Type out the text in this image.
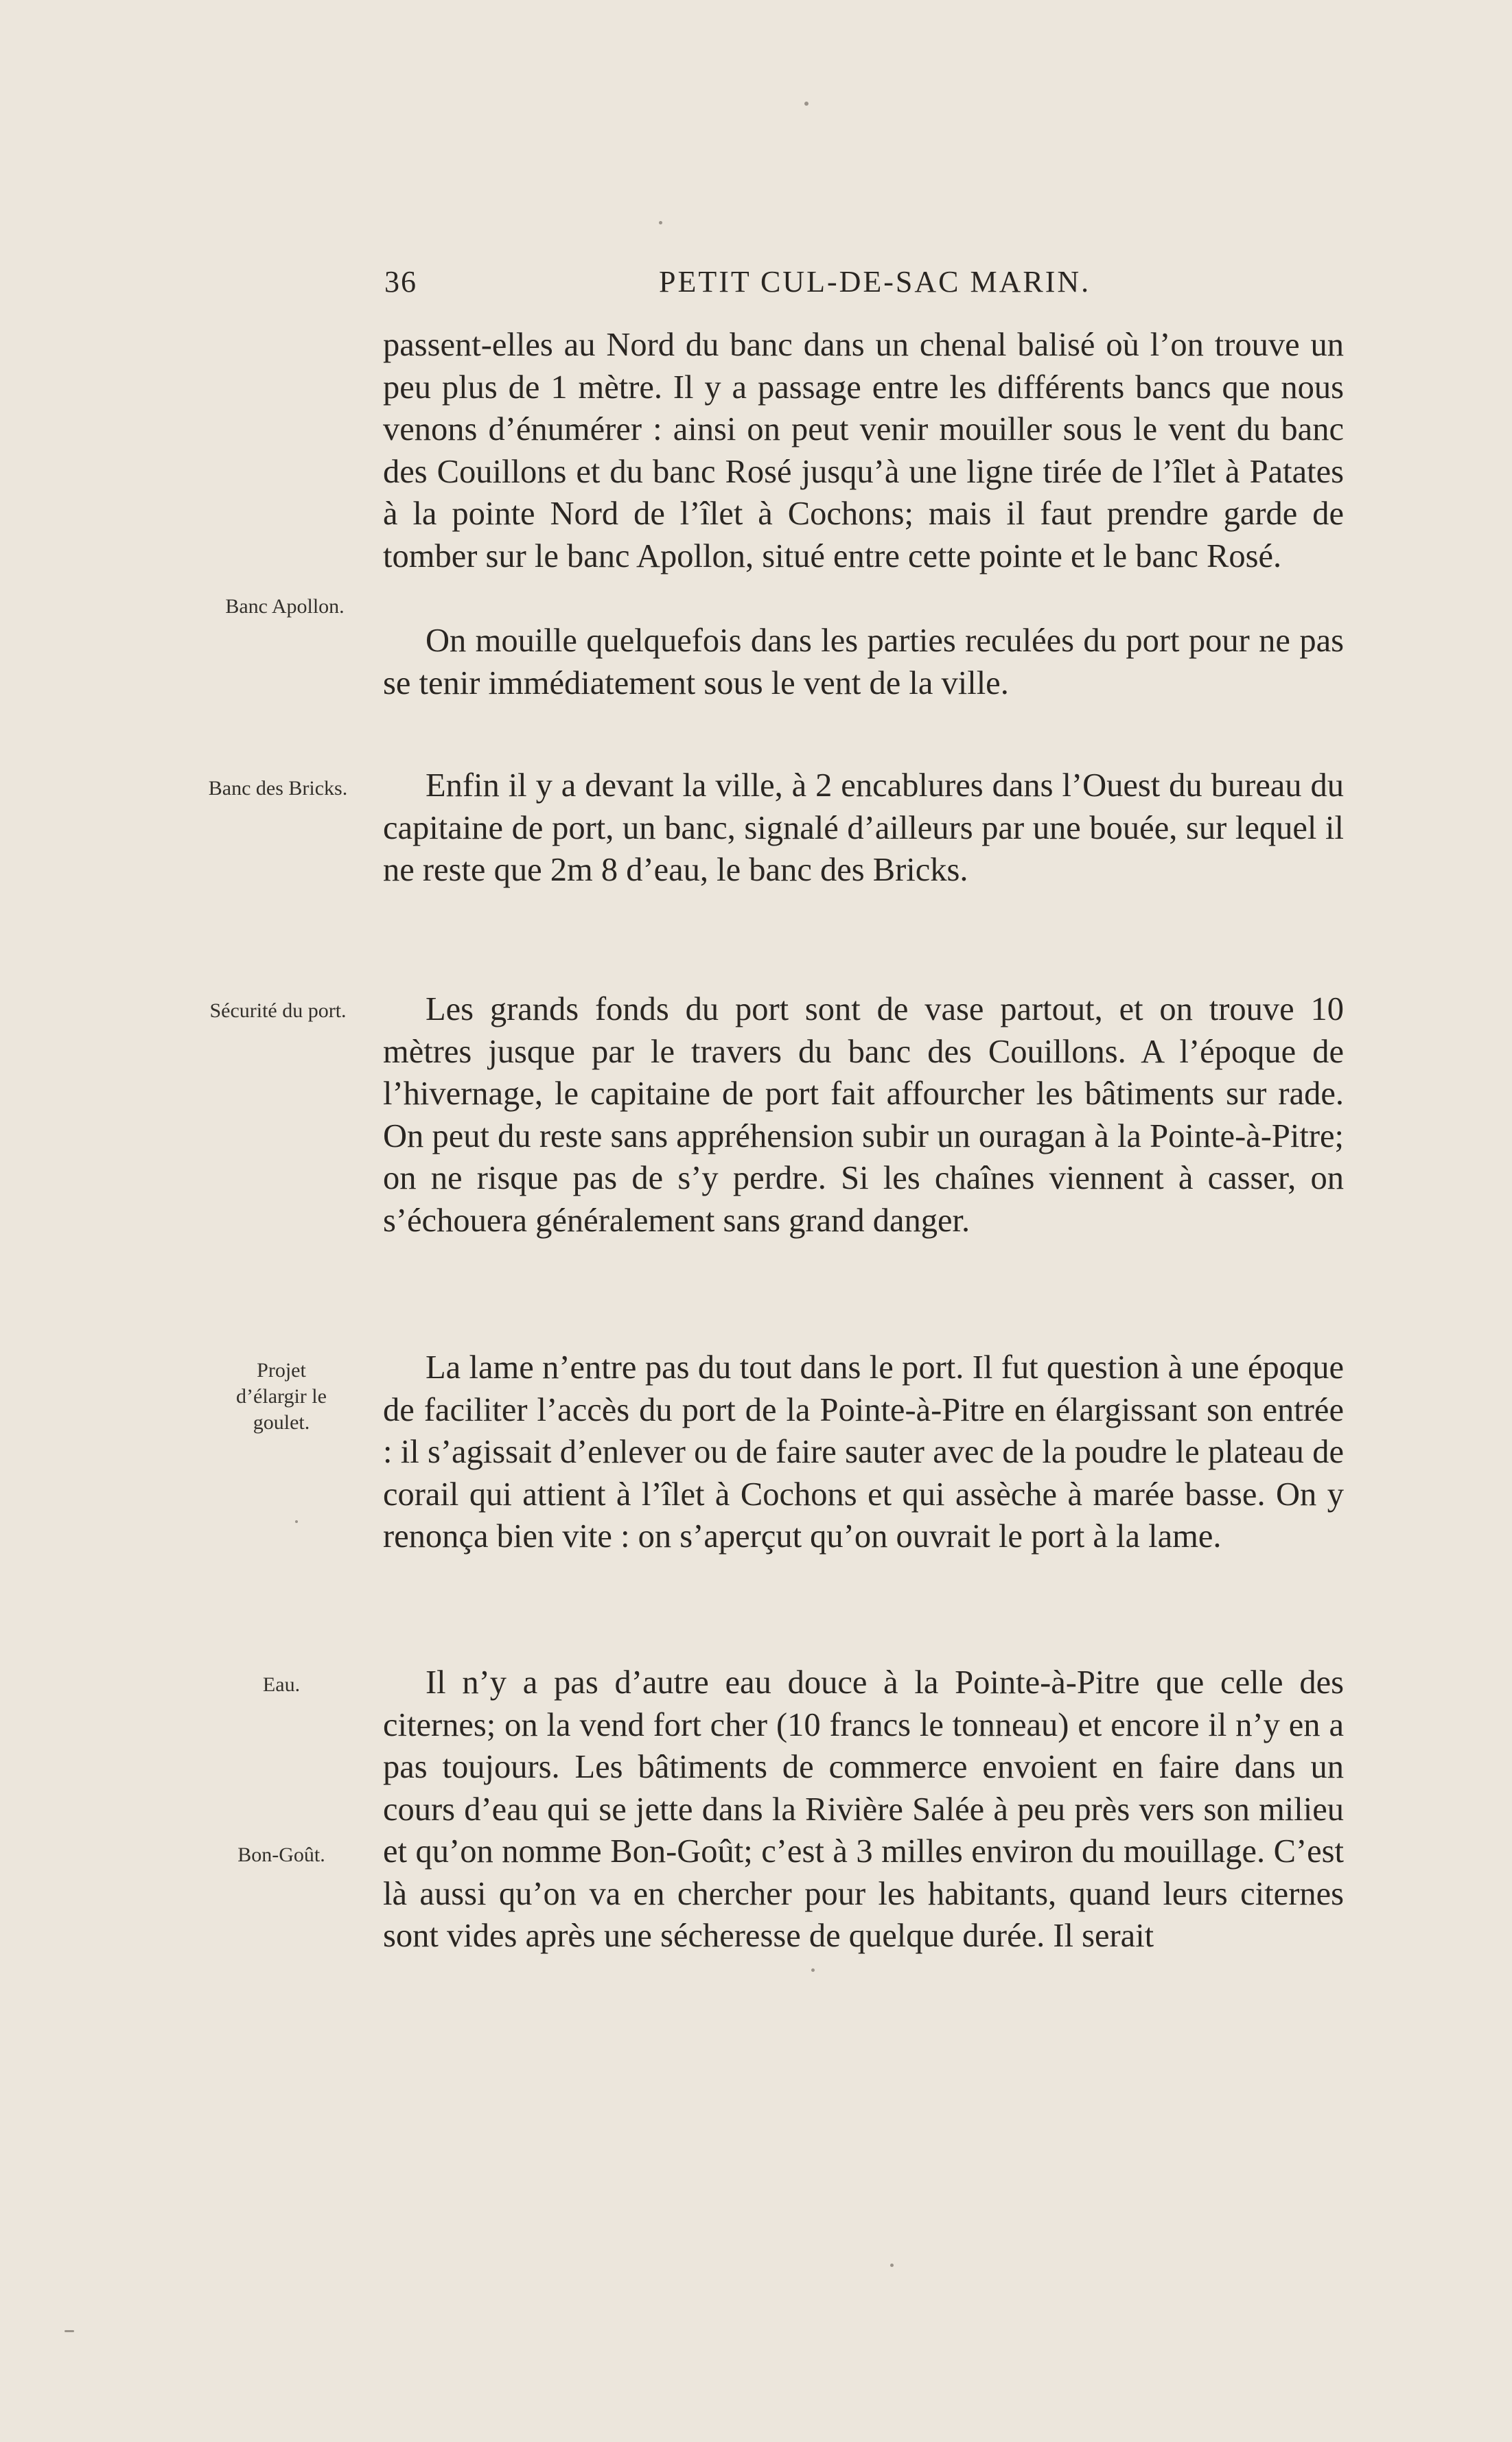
36	PETIT CUL-DE-SAC MARIN.

passent-elles au Nord du banc dans un chenal balisé où l’on trouve un peu plus de 1 mètre. Il y a passage entre les différents bancs que nous venons d’énumérer : ainsi on peut venir mouiller sous le vent du banc des Couillons et du banc Rosé jusqu’à une ligne tirée de l’îlet à Patates à la pointe Nord de l’îlet à Cochons; mais il faut prendre garde de tomber sur le banc Apollon, situé entre cette pointe et le banc Rosé.

On mouille quelquefois dans les parties reculées du port pour ne pas se tenir immédiatement sous le vent de la ville.

Enfin il y a devant la ville, à 2 encablures dans l’Ouest du bureau du capitaine de port, un banc, signalé d’ailleurs par une bouée, sur lequel il ne reste que 2m 8 d’eau, le banc des Bricks.

Les grands fonds du port sont de vase partout, et on trouve 10 mètres jusque par le travers du banc des Couillons. A l’époque de l’hivernage, le capitaine de port fait affourcher les bâtiments sur rade. On peut du reste sans appréhension subir un ouragan à la Pointe-à-Pitre; on ne risque pas de s’y perdre. Si les chaînes viennent à casser, on s’échouera généralement sans grand danger.

La lame n’entre pas du tout dans le port. Il fut question à une époque de faciliter l’accès du port de la Pointe-à-Pitre en élargissant son entrée : il s’agissait d’enlever ou de faire sauter avec de la poudre le plateau de corail qui attient à l’îlet à Cochons et qui assèche à marée basse. On y renonça bien vite : on s’aperçut qu’on ouvrait le port à la lame.

Il n’y a pas d’autre eau douce à la Pointe-à-Pitre que celle des citernes; on la vend fort cher (10 francs le tonneau) et encore il n’y en a pas toujours. Les bâtiments de commerce envoient en faire dans un cours d’eau qui se jette dans la Rivière Salée à peu près vers son milieu et qu’on nomme Bon-Goût; c’est à 3 milles environ du mouillage. C’est là aussi qu’on va en chercher pour les habitants, quand leurs citernes sont vides après une sécheresse de quelque durée. Il serait

Banc Apollon.
Banc des Bricks.
Sécurité du port.
Projet d’élargir le goulet.
Eau.
Bon-Goût.
